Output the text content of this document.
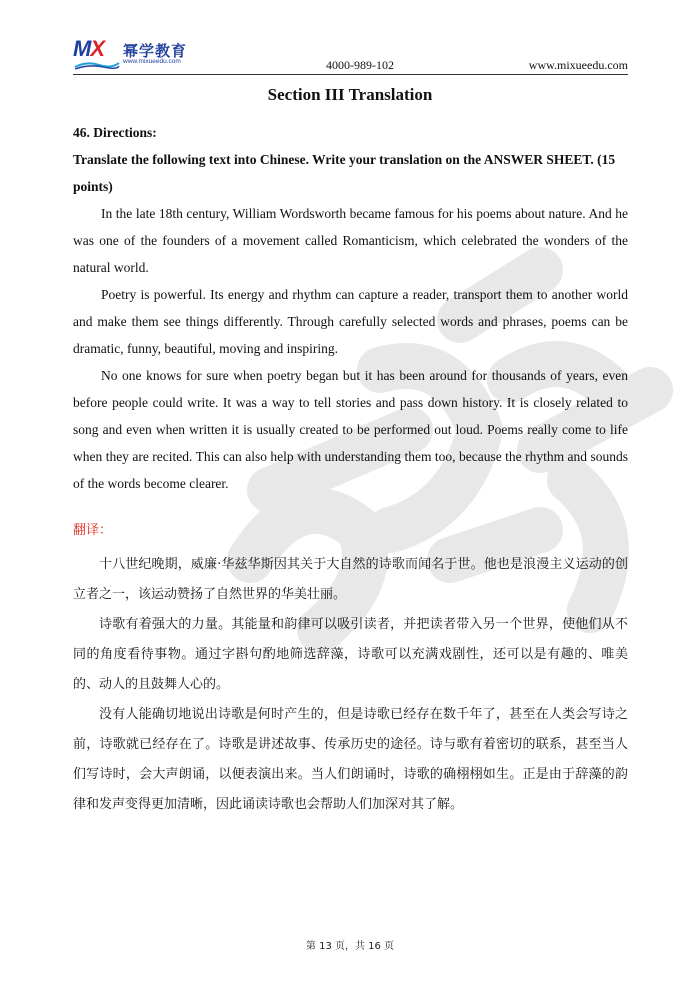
MX 幂学教育
www.mixueedu.com	4000-989-102	www.mixueedu.com
Section III Translation
46. Directions:
Translate the following text into Chinese. Write your translation on the ANSWER SHEET. (15 points)

In the late 18th century, William Wordsworth became famous for his poems about nature. And he was one of the founders of a movement called Romanticism, which celebrated the wonders of the natural world.

Poetry is powerful. Its energy and rhythm can capture a reader, transport them to another world and make them see things differently. Through carefully selected words and phrases, poems can be dramatic, funny, beautiful, moving and inspiring.

No one knows for sure when poetry began but it has been around for thousands of years, even before people could write. It was a way to tell stories and pass down history. It is closely related to song and even when written it is usually created to be performed out loud. Poems really come to life when they are recited. This can also help with understanding them too, because the rhythm and sounds of the words become clearer.

翻译：

十八世纪晚期，威廉·华兹华斯因其关于大自然的诗歌而闻名于世。他也是浪漫主义运动的创立者之一，该运动赞扬了自然世界的华美壮丽。

诗歌有着强大的力量。其能量和韵律可以吸引读者，并把读者带入另一个世界，使他们从不同的角度看待事物。通过字斟句酌地筛选辞藻，诗歌可以充满戏剧性，还可以是有趣的、唯美的、动人的且鼓舞人心的。

没有人能确切地说出诗歌是何时产生的，但是诗歌已经存在数千年了，甚至在人类会写诗之前，诗歌就已经存在了。诗歌是讲述故事、传承历史的途径。诗与歌有着密切的联系，甚至当人们写诗时，会大声朗诵，以便表演出来。当人们朗诵时，诗歌的确栩栩如生。正是由于辞藻的韵律和发声变得更加清晰，因此诵读诗歌也会帮助人们加深对其了解。

第 13 页，共 16 页
